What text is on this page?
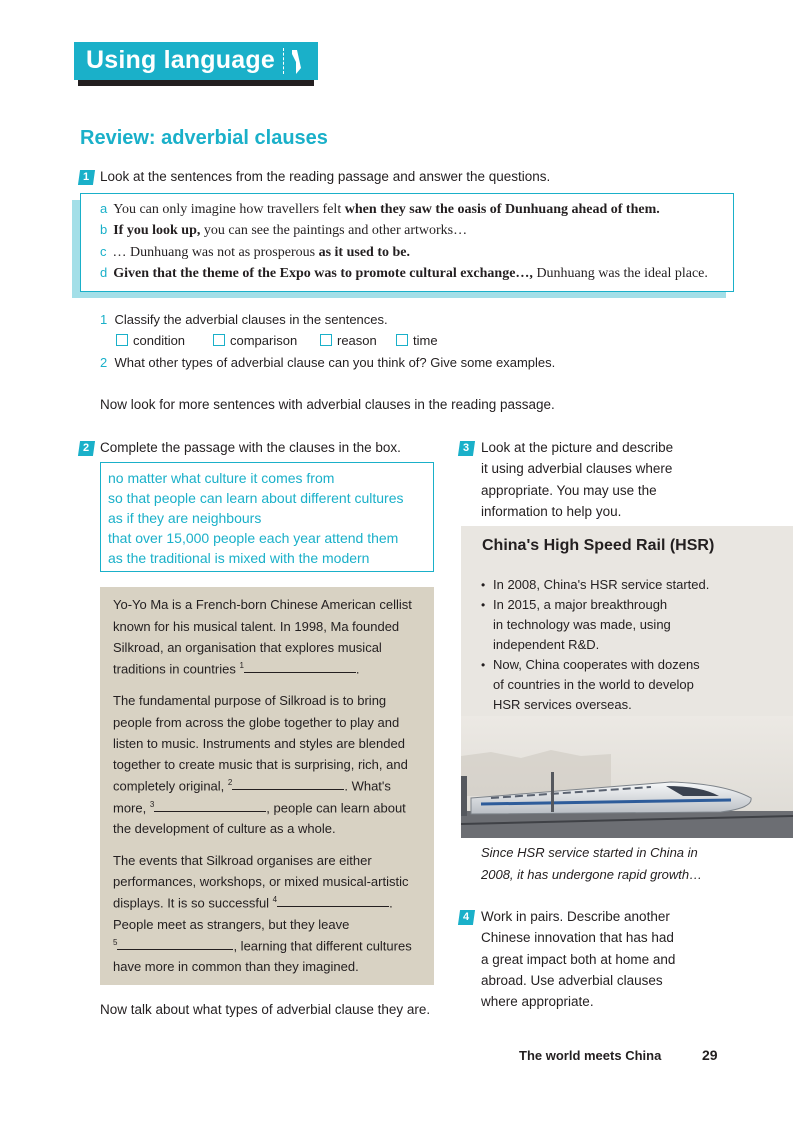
Using language
Review: adverbial clauses
1 Look at the sentences from the reading passage and answer the questions.
a You can only imagine how travellers felt when they saw the oasis of Dunhuang ahead of them.
b If you look up, you can see the paintings and other artworks…
c … Dunhuang was not as prosperous as it used to be.
d Given that the theme of the Expo was to promote cultural exchange…, Dunhuang was the ideal place.
1 Classify the adverbial clauses in the sentences.
condition	comparison	reason	time
2 What other types of adverbial clause can you think of? Give some examples.
Now look for more sentences with adverbial clauses in the reading passage.
2 Complete the passage with the clauses in the box.
no matter what culture it comes from
so that people can learn about different cultures
as if they are neighbours
that over 15,000 people each year attend them
as the traditional is mixed with the modern
Yo-Yo Ma is a French-born Chinese American cellist
known for his musical talent. In 1998, Ma founded
Silkroad, an organisation that explores musical
traditions in countries $^1$	.
The fundamental purpose of Silkroad is to bring
people from across the globe together to play and
listen to music. Instruments and styles are blended
together to create music that is surprising, rich, and
completely original, $^2$	. What's
more, $^3$	, people can learn about
the development of culture as a whole.
The events that Silkroad organises are either
performances, workshops, or mixed musical-artistic
displays. It is so successful $^4$	.
People meet as strangers, but they leave
$^5$	, learning that different cultures
have more in common than they imagined.
Now talk about what types of adverbial clause they are.
3 Look at the picture and describe
it using adverbial clauses where
appropriate. You may use the
information to help you.
China's High Speed Rail (HSR)
• In 2008, China's HSR service started.
• In 2015, a major breakthrough
in technology was made, using
independent R&D.
• Now, China cooperates with dozens
of countries in the world to develop
HSR services overseas.
Since HSR service started in China in
2008, it has undergone rapid growth…
4 Work in pairs. Describe another
Chinese innovation that has had
a great impact both at home and
abroad. Use adverbial clauses
where appropriate.
The world meets China	29
